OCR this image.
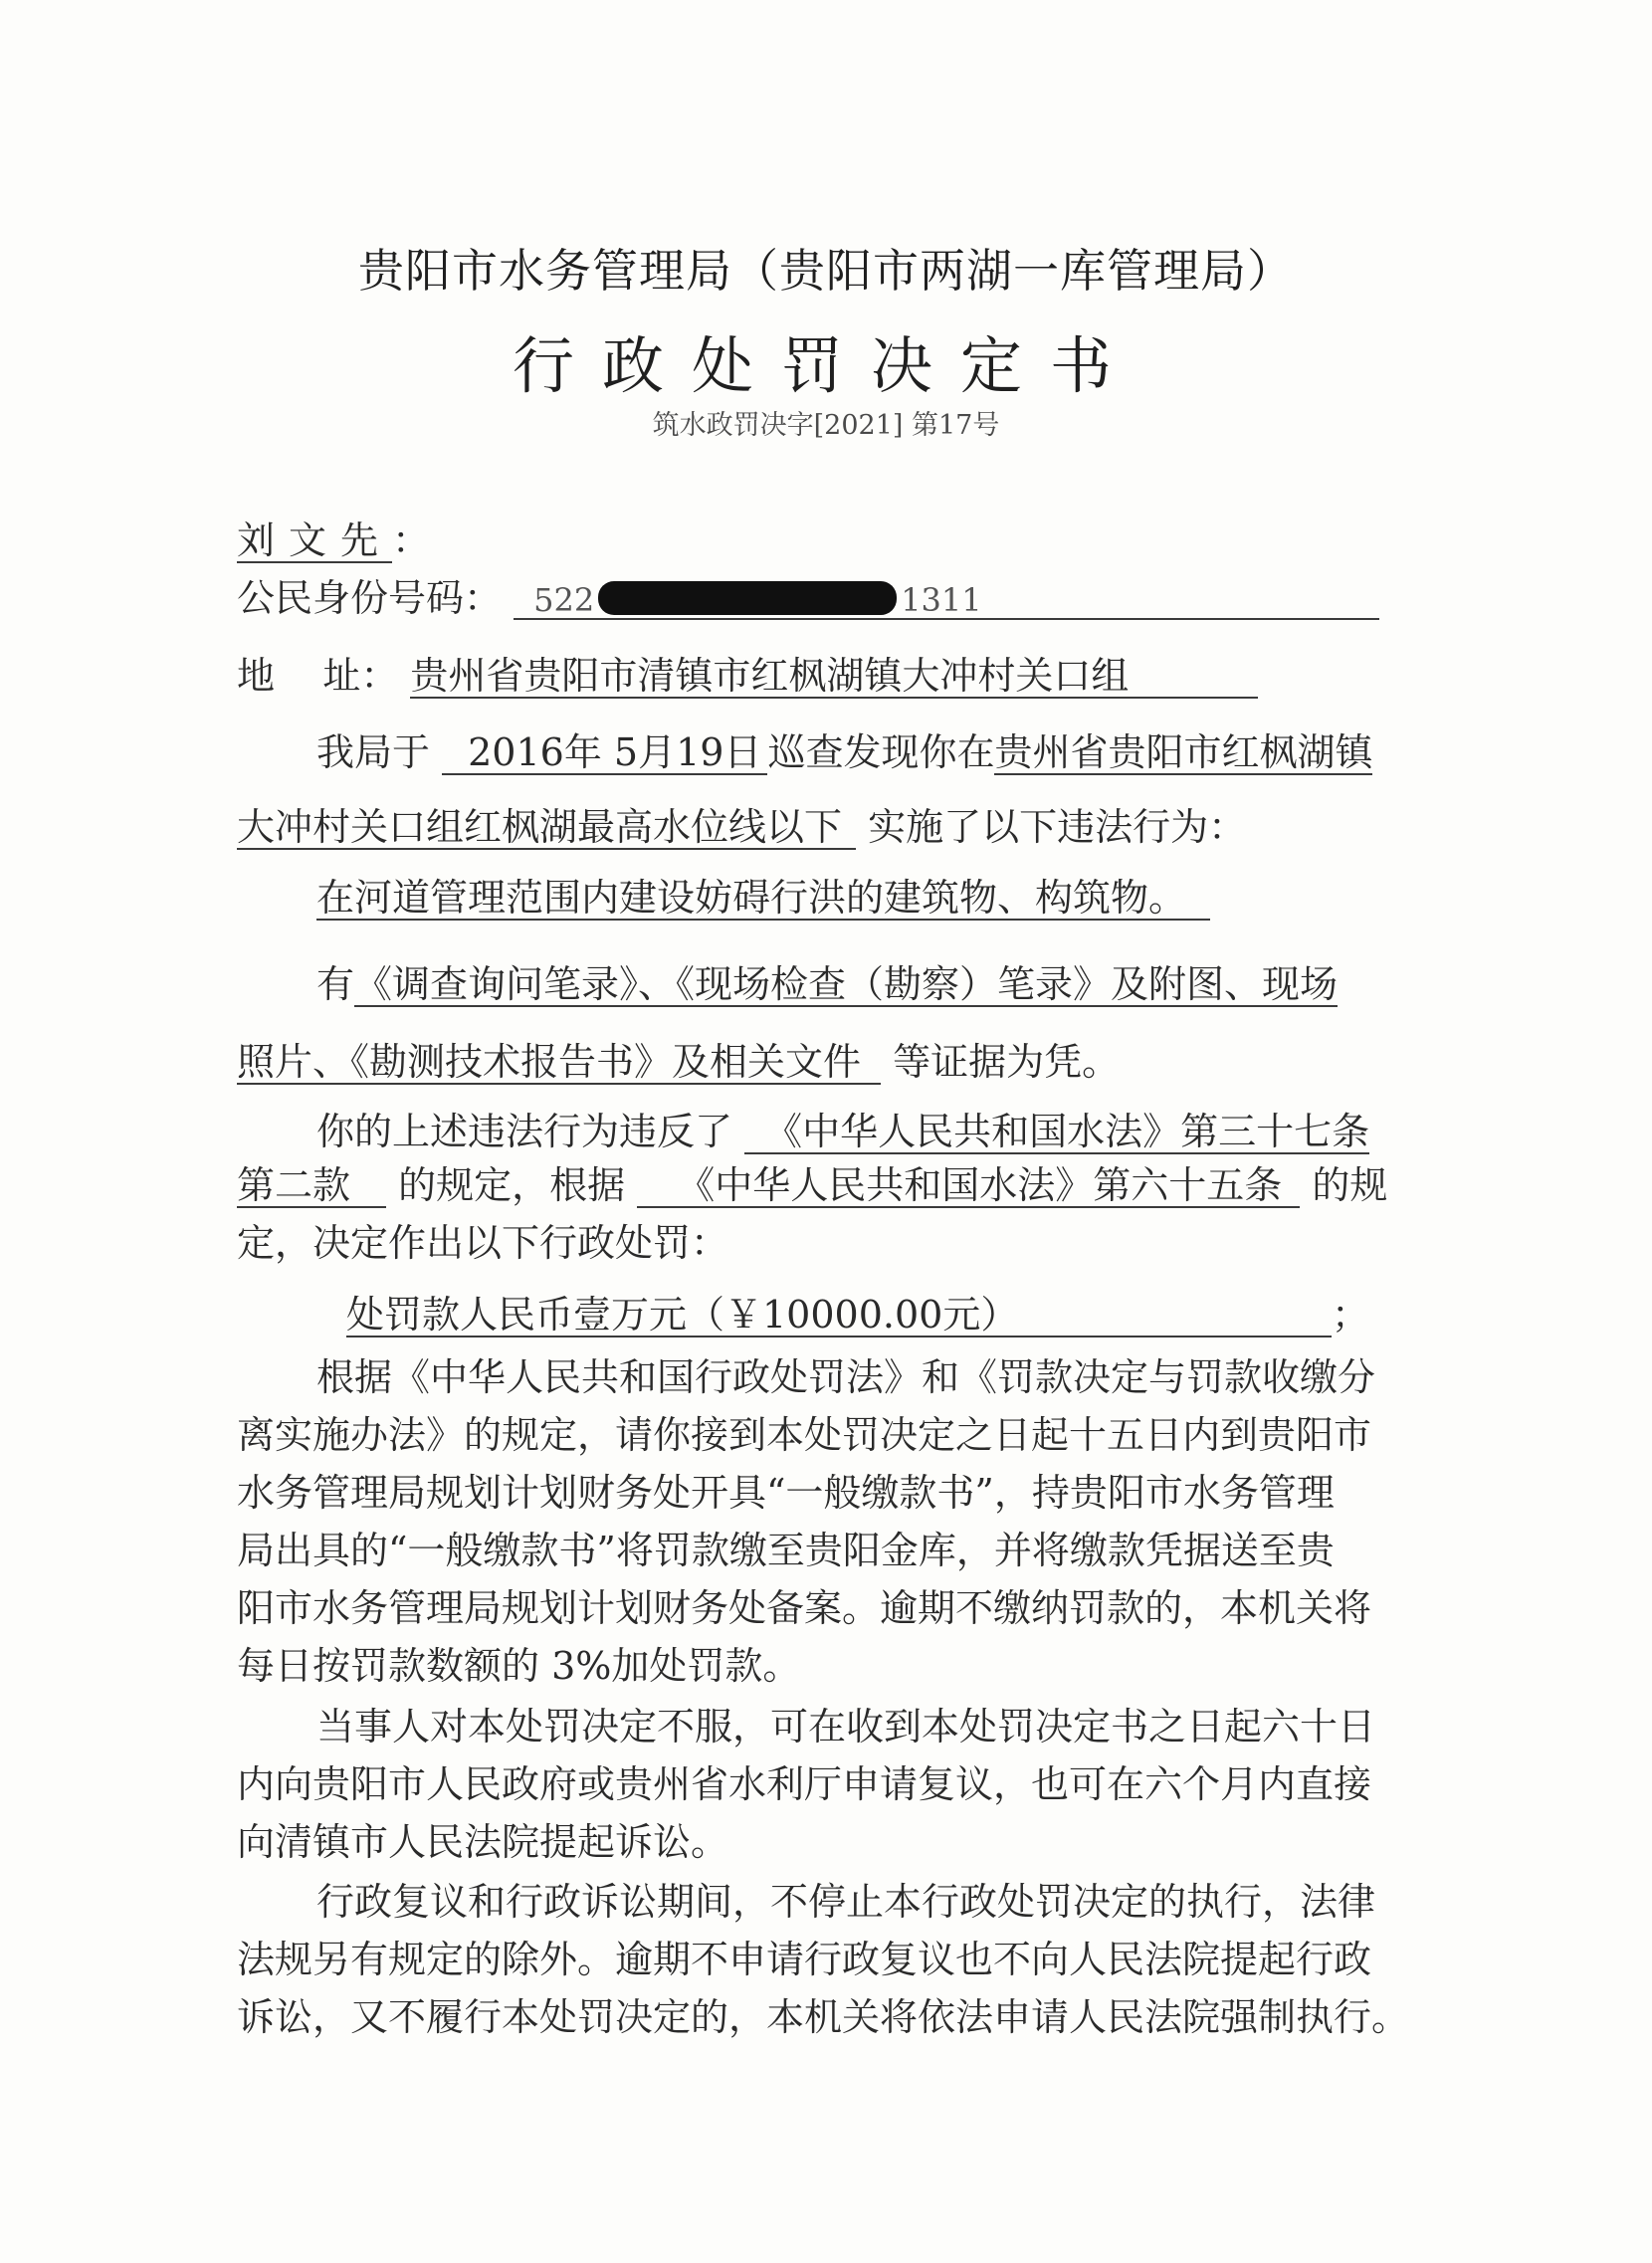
贵阳市水务管理局（贵阳市两湖一库管理局）
行政处罚决定书
筑水政罚决字[2021] 第17号
刘文先：
公民身份号码： 522	1311
地    址： 贵州省贵阳市清镇市红枫湖镇大冲村关口组
我局于 2016年 5月19日 巡查发现你在贵州省贵阳市红枫湖镇
大冲村关口组红枫湖最高水位线以下 实施了以下违法行为：
在河道管理范围内建设妨碍行洪的建筑物、构筑物。
有《调查询问笔录》、《现场检查（勘察）笔录》及附图、现场
照片、《勘测技术报告书》及相关文件 等证据为凭。
你的上述违法行为违反了 《中华人民共和国水法》第三十七条
第二款 的规定，根据 《中华人民共和国水法》第六十五条 的规
定，决定作出以下行政处罚：
处罚款人民币壹万元（￥10000.00元）	；
根据《中华人民共和国行政处罚法》和《罚款决定与罚款收缴分
离实施办法》的规定，请你接到本处罚决定之日起十五日内到贵阳市
水务管理局规划计划财务处开具“一般缴款书”，持贵阳市水务管理
局出具的“一般缴款书”将罚款缴至贵阳金库，并将缴款凭据送至贵
阳市水务管理局规划计划财务处备案。逾期不缴纳罚款的，本机关将
每日按罚款数额的 3%加处罚款。
当事人对本处罚决定不服，可在收到本处罚决定书之日起六十日
内向贵阳市人民政府或贵州省水利厅申请复议，也可在六个月内直接
向清镇市人民法院提起诉讼。
行政复议和行政诉讼期间，不停止本行政处罚决定的执行，法律
法规另有规定的除外。逾期不申请行政复议也不向人民法院提起行政
诉讼，又不履行本处罚决定的，本机关将依法申请人民法院强制执行。
